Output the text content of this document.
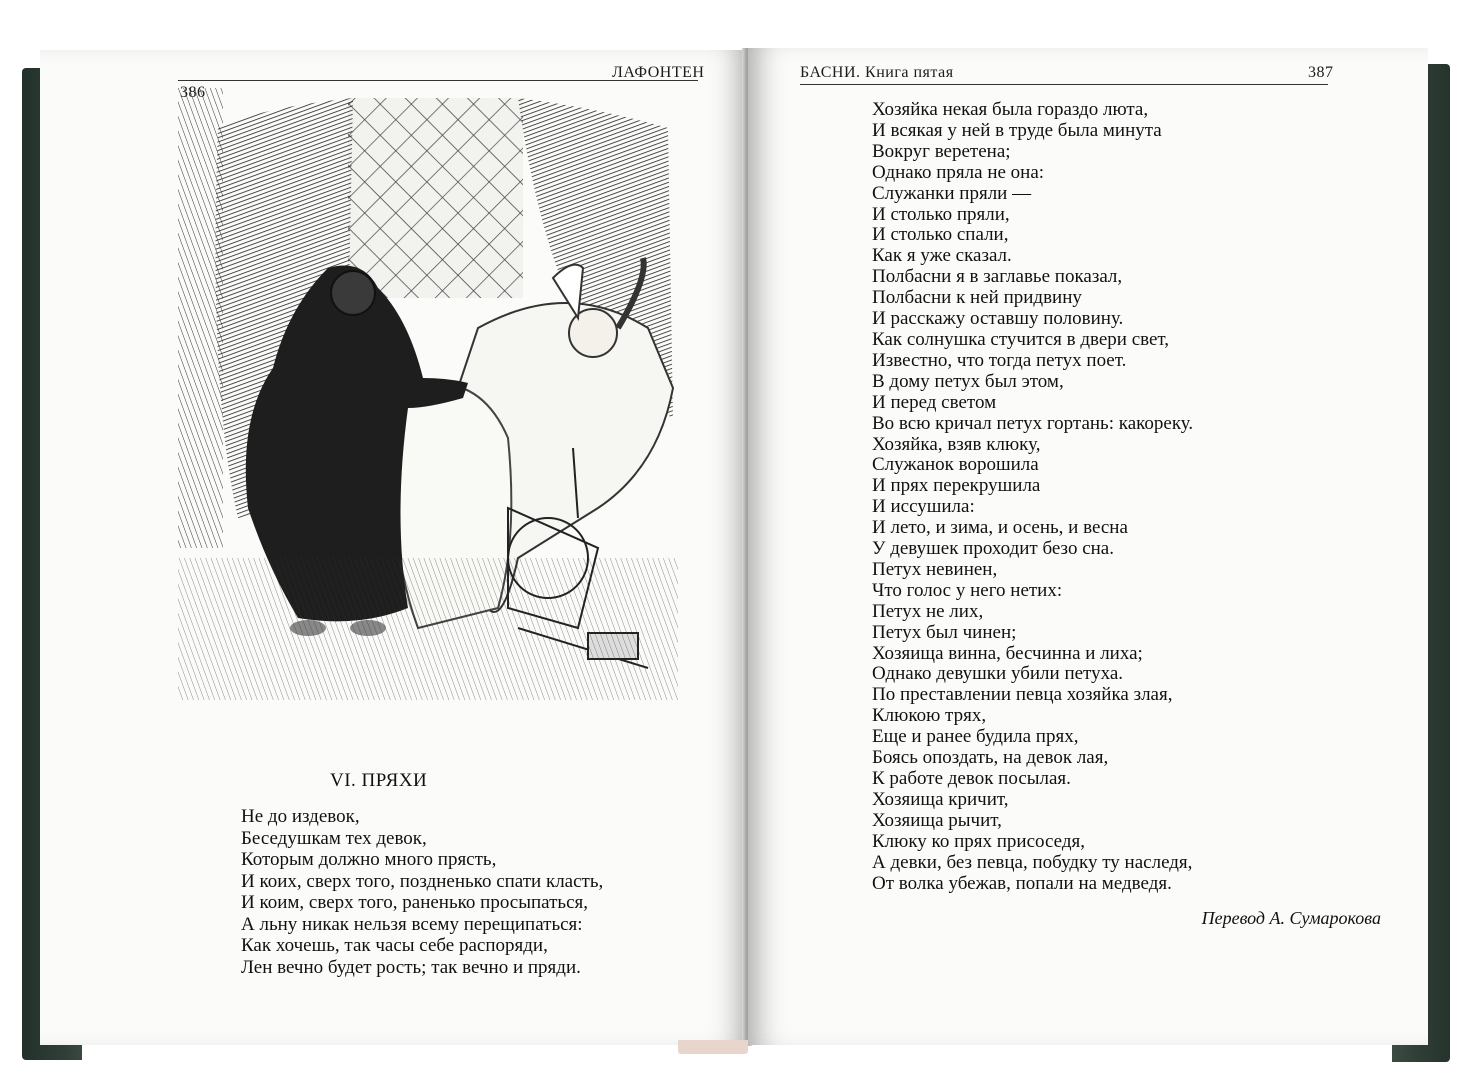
ЛАФОНТЕН
VI. ПРЯХИ
Не до издевок,
Беседушкам тех девок,
Которым должно много прясть,
И коих, сверх того, поздненько спати класть,
И коим, сверх того, раненько просыпаться,
А льну никак нельзя всему перещипаться:
Как хочешь, так часы себе распоряди,
Лен вечно будет рость; так вечно и пряди.
БАСНИ. Книга пятая	387
Хозяйка некая была гораздо люта,
И всякая у ней в труде была минута
Вокруг веретена;
Однако пряла не она:
Служанки пряли —
И столько пряли,
И столько спали,
Как я уже сказал.
Полбасни я в заглавье показал,
Полбасни к ней придвину
И расскажу оставшу половину.
Как солнушка стучится в двери свет,
Известно, что тогда петух поет.
В дому петух был этом,
И перед светом
Во всю кричал петух гортань: какореку.
Хозяйка, взяв клюку,
Служанок ворошила
И прях перекрушила
И иссушила:
И лето, и зима, и осень, и весна
У девушек проходит безо сна.
Петух невинен,
Что голос у него нетих:
Петух не лих,
Петух был чинен;
Хозяища винна, бесчинна и лиха;
Однако девушки убили петуха.
По преставлении певца хозяйка злая,
Клюкою трях,
Еще и ранее будила прях,
Боясь опоздать, на девок лая,
К работе девок посылая.
Хозяища кричит,
Хозяища рычит,
Клюку ко прях присоседя,
А девки, без певца, побудку ту наследя,
От волка убежав, попали на медведя.
Перевод А. Сумарокова
